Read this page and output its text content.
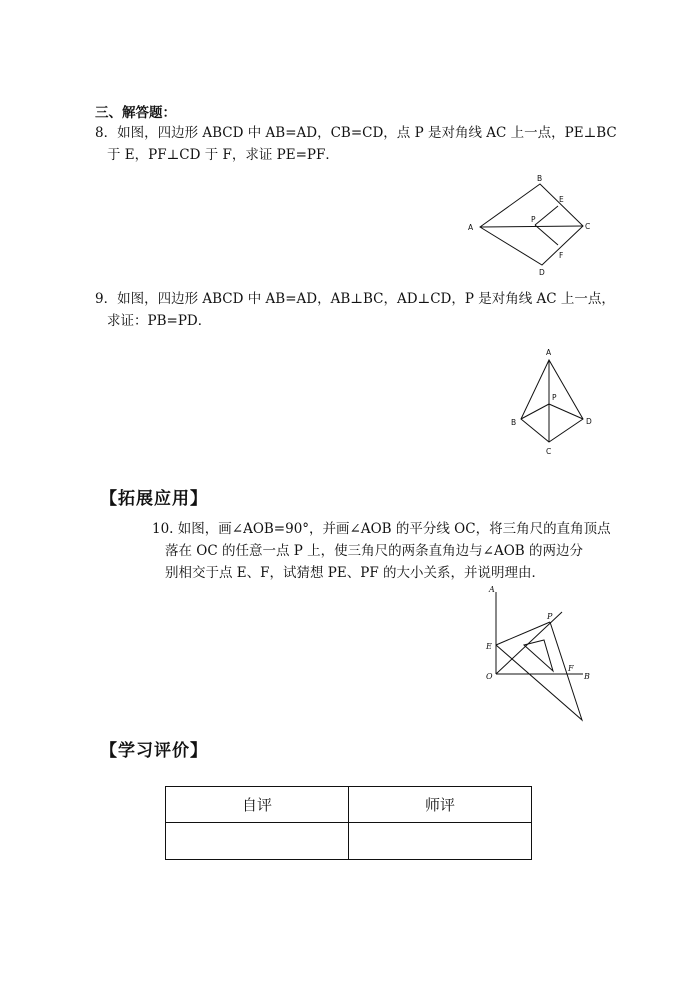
三、解答题：
8．如图，四边形 ABCD 中 AB=AD，CB=CD，点 P 是对角线 AC 上一点，PE⊥BC
于 E，PF⊥CD 于 F，求证 PE=PF．
A
B
C
D
E
F
P
9．如图，四边形 ABCD 中 AB=AD，AB⊥BC，AD⊥CD，P 是对角线 AC 上一点，
求证：PB=PD．
A
B
C
D
P
【拓展应用】
10. 如图，画∠AOB=90°，并画∠AOB 的平分线 OC，将三角尺的直角顶点
落在 OC 的任意一点 P 上，使三角尺的两条直角边与∠AOB 的两边分
别相交于点 E、F，试猜想 PE、PF 的大小关系，并说明理由．
A
B
E
F
O
P
【学习评价】
自评	师评
